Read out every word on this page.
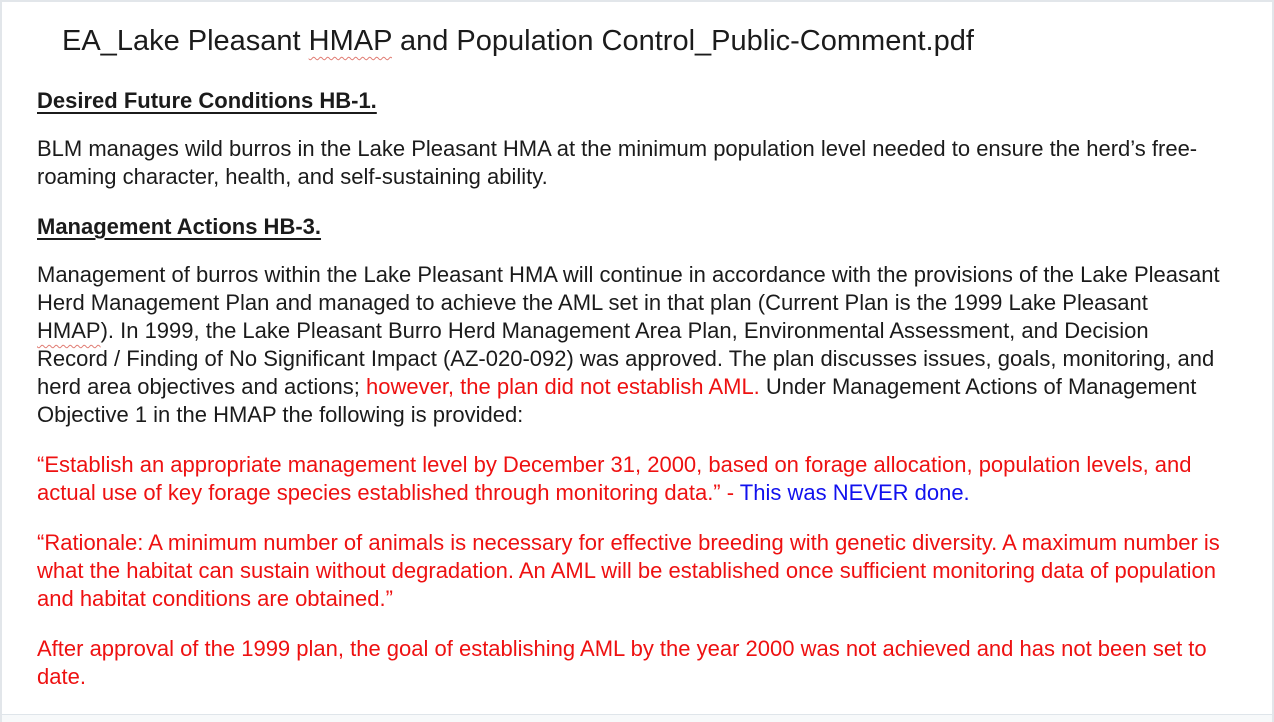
EA_Lake Pleasant HMAP and Population Control_Public-Comment.pdf
Desired Future Conditions HB-1.

BLM manages wild burros in the Lake Pleasant HMA at the minimum population level needed to ensure the herd’s free-roaming character, health, and self-sustaining ability.

Management Actions HB-3.

Management of burros within the Lake Pleasant HMA will continue in accordance with the provisions of the Lake Pleasant Herd Management Plan and managed to achieve the AML set in that plan (Current Plan is the 1999 Lake Pleasant HMAP). In 1999, the Lake Pleasant Burro Herd Management Area Plan, Environmental Assessment, and Decision Record / Finding of No Significant Impact (AZ-020-092) was approved. The plan discusses issues, goals, monitoring, and herd area objectives and actions; however, the plan did not establish AML. Under Management Actions of Management Objective 1 in the HMAP the following is provided:

“Establish an appropriate management level by December 31, 2000, based on forage allocation, population levels, and actual use of key forage species established through monitoring data.” - This was NEVER done.

“Rationale: A minimum number of animals is necessary for effective breeding with genetic diversity. A maximum number is what the habitat can sustain without degradation. An AML will be established once sufficient monitoring data of population and habitat conditions are obtained.”

After approval of the 1999 plan, the goal of establishing AML by the year 2000 was not achieved and has not been set to date.
